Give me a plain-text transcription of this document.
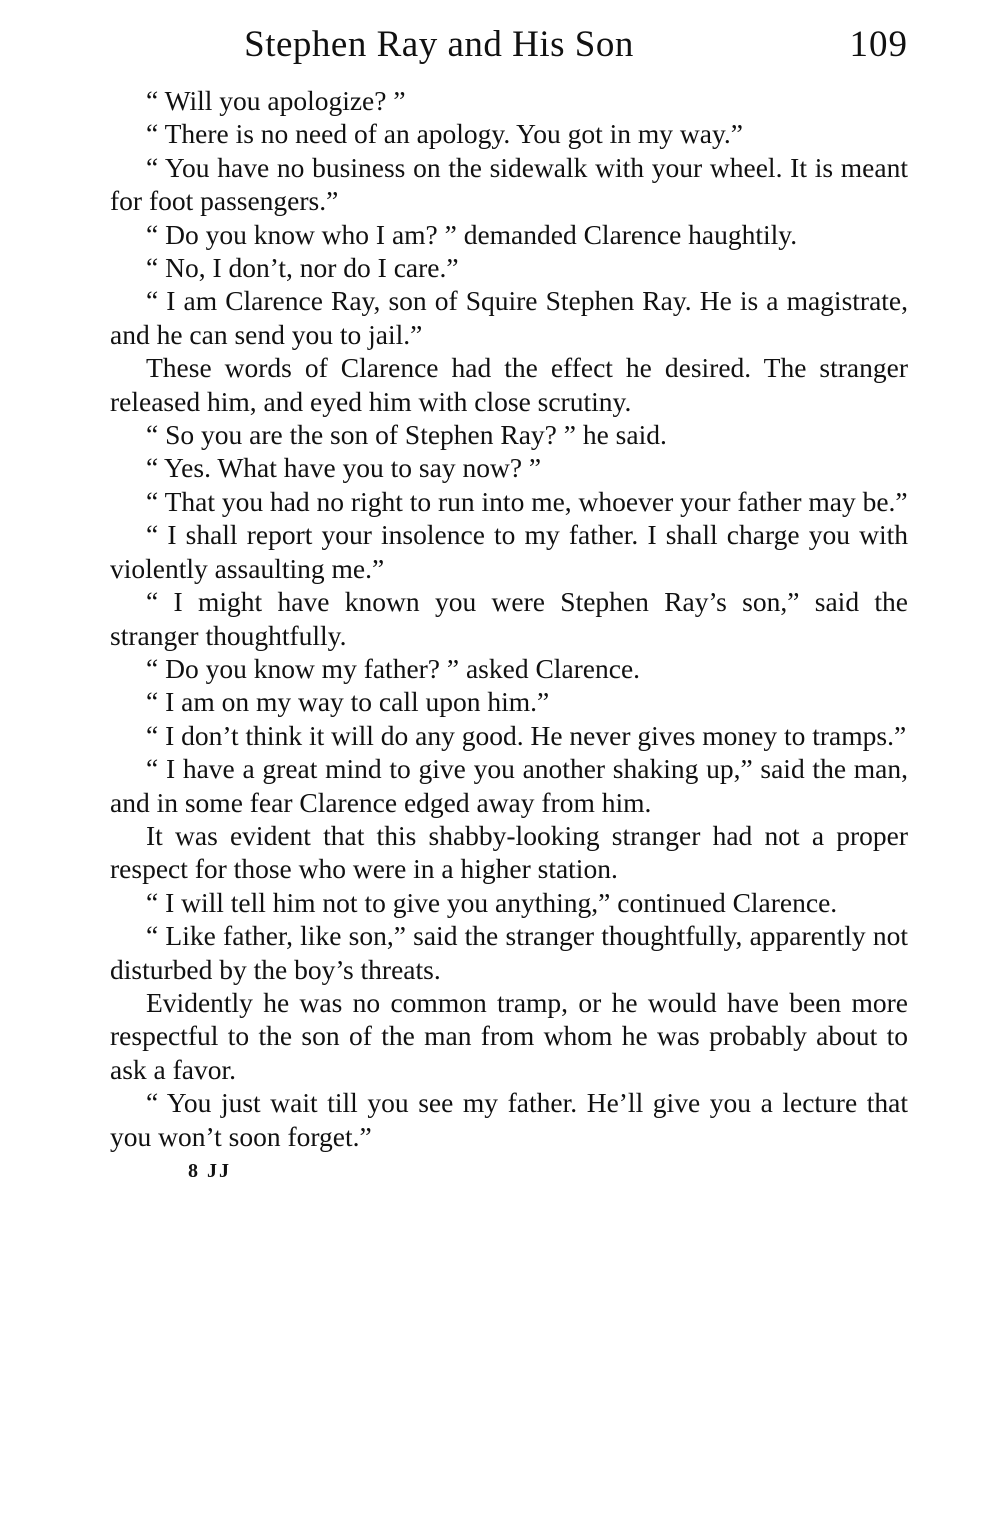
Stephen Ray and His Son	109

“ Will you apologize? ”

“ There is no need of an apology. You got in my way.”

“ You have no business on the sidewalk with your wheel. It is meant for foot passengers.”

“ Do you know who I am? ” demanded Clarence haughtily.

“ No, I don’t, nor do I care.”

“ I am Clarence Ray, son of Squire Stephen Ray. He is a magistrate, and he can send you to jail.”

These words of Clarence had the effect he desired. The stranger released him, and eyed him with close scrutiny.

“ So you are the son of Stephen Ray? ” he said.

“ Yes. What have you to say now? ”

“ That you had no right to run into me, whoever your father may be.”

“ I shall report your insolence to my father. I shall charge you with violently assaulting me.”

“ I might have known you were Stephen Ray’s son,” said the stranger thoughtfully.

“ Do you know my father? ” asked Clarence.

“ I am on my way to call upon him.”

“ I don’t think it will do any good. He never gives money to tramps.”

“ I have a great mind to give you another shaking up,” said the man, and in some fear Clarence edged away from him.

It was evident that this shabby-looking stranger had not a proper respect for those who were in a higher station.

“ I will tell him not to give you anything,” continued Clarence.

“ Like father, like son,” said the stranger thoughtfully, apparently not disturbed by the boy’s threats.

Evidently he was no common tramp, or he would have been more respectful to the son of the man from whom he was probably about to ask a favor.

“ You just wait till you see my father. He’ll give you a lecture that you won’t soon forget.”

8 JJ
